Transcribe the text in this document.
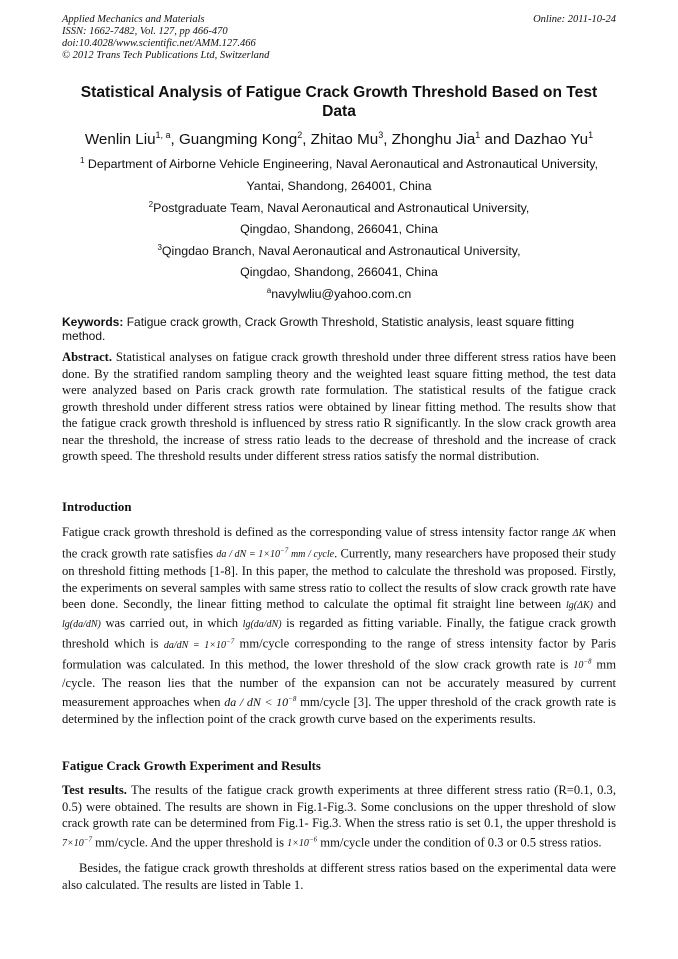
Applied Mechanics and Materials
ISSN: 1662-7482, Vol. 127, pp 466-470
doi:10.4028/www.scientific.net/AMM.127.466
© 2012 Trans Tech Publications Ltd, Switzerland
Online: 2011-10-24
Statistical Analysis of Fatigue Crack Growth Threshold Based on Test Data
Wenlin Liu$^{1, a}$, Guangming Kong$^2$, Zhitao Mu$^3$, Zhonghu Jia$^1$ and Dazhao Yu$^1$
$^1$ Department of Airborne Vehicle Engineering, Naval Aeronautical and Astronautical University,
Yantai, Shandong, 264001, China
$^2$Postgraduate Team, Naval Aeronautical and Astronautical University,
Qingdao, Shandong, 266041, China
$^3$Qingdao Branch, Naval Aeronautical and Astronautical University,
Qingdao, Shandong, 266041, China
$^a$navylwliu@yahoo.com.cn
Keywords: Fatigue crack growth, Crack Growth Threshold, Statistic analysis, least square fitting method.
Abstract. Statistical analyses on fatigue crack growth threshold under three different stress ratios have been done. By the stratified random sampling theory and the weighted least square fitting method, the test data were analyzed based on Paris crack growth rate formulation. The statistical results of the fatigue crack growth threshold under different stress ratios were obtained by linear fitting method. The results show that the fatigue crack growth threshold is influenced by stress ratio R significantly. In the slow crack growth area near the threshold, the increase of stress ratio leads to the decrease of threshold and the increase of crack growth speed. The threshold results under different stress ratios satisfy the normal distribution.
Introduction
Fatigue crack growth threshold is defined as the corresponding value of stress intensity factor range ΔK when the crack growth rate satisfies da / dN = $1\times 10^{-7}$ mm / cycle. Currently, many researchers have proposed their study on threshold fitting methods [1-8]. In this paper, the method to calculate the threshold was proposed. Firstly, the experiments on several samples with same stress ratio to collect the results of slow crack growth rate have been done. Secondly, the linear fitting method to calculate the optimal fit straight line between lg(ΔK) and lg(da/dN) was carried out, in which lg(da/dN) is regarded as fitting variable. Finally, the fatigue crack growth threshold which is $da/dN = 1\times 10^{-7}$ mm/cycle corresponding to the range of stress intensity factor by Paris formulation was calculated. In this method, the lower threshold of the slow crack growth rate is $10^{-8}$ mm /cycle. The reason lies that the number of the expansion can not be accurately measured by current measurement approaches when da / dN < $10^{-8}$ mm/cycle [3]. The upper threshold of the crack growth rate is determined by the inflection point of the crack growth curve based on the experiments results.
Fatigue Crack Growth Experiment and Results
Test results. The results of the fatigue crack growth experiments at three different stress ratio (R=0.1, 0.3, 0.5) were obtained. The results are shown in Fig.1-Fig.3. Some conclusions on the upper threshold of slow crack growth rate can be determined from Fig.1- Fig.3. When the stress ratio is set 0.1, the upper threshold is $7\times 10^{-7}$ mm/cycle. And the upper threshold is $1\times 10^{-6}$ mm/cycle under the condition of 0.3 or 0.5 stress ratios.
Besides, the fatigue crack growth thresholds at different stress ratios based on the experimental data were also calculated. The results are listed in Table 1.
